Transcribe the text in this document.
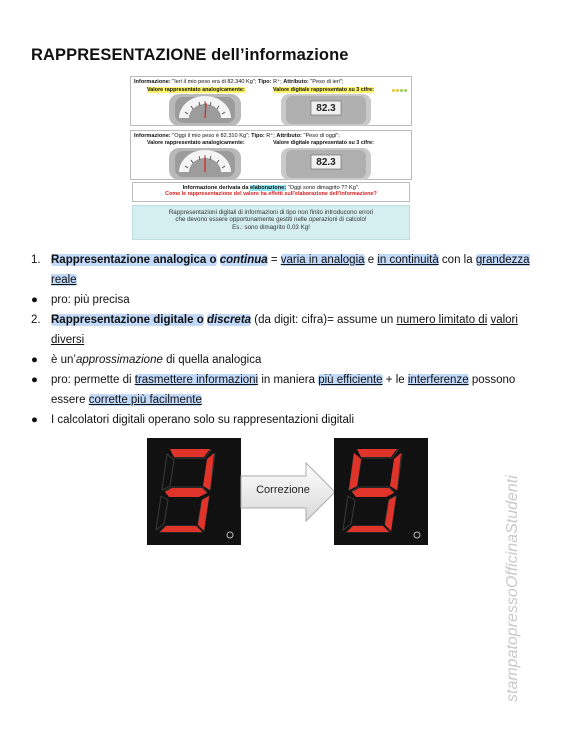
RAPPRESENTAZIONE dell’informazione
Informazione: "Ieri il mio peso era di 82.340 Kg"; Tipo: R⁺; Attributo: "Peso di ieri";
Valore rappresentato analogicamente:	Valore digitale rappresentato su 3 cifre:
82.3
Informazione: "Oggi il mio peso è 82.310 Kg"; Tipo: R⁺; Attributo: "Peso di oggi";
Valore rappresentato analogicamente:	Valore digitale rappresentato su 3 cifre:
82.3
Informazione derivata da elaborazione: "Oggi sono dimagrito ?? Kg".
Come le rappresentazione del valore ha effetti sull'elaborazione dell'informazione?
Rappresentazioni digitali di informazioni di tipo non finito introducono errori
che devono essere opportunamente gestiti nelle operazioni di calcolo!
Es.: sono dimagrito 0.03 Kg!
1. Rappresentazione analogica o continua = varia in analogia e in continuità con la grandezza reale
● pro: più precisa
2. Rappresentazione digitale o discreta (da digit: cifra)= assume un numero limitato di valori diversi
● è un’approssimazione di quella analogica
● pro: permette di trasmettere informazioni in maniera più efficiente + le interferenze possono essere corrette più facilmente
● I calcolatori digitali operano solo su rappresentazioni digitali
Correzione	stampatopressoOfficinaStudenti
